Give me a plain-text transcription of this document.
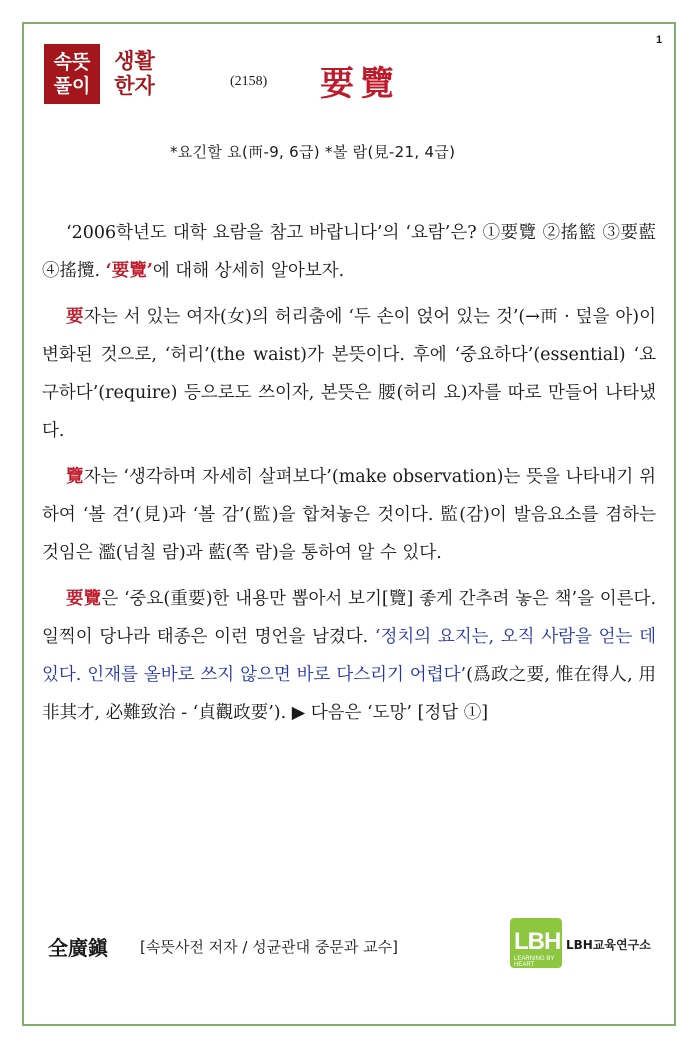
1
속뜻
풀이
생활
한자	(2158) 要覽
*요긴할 요(襾-9, 6급) *볼 람(見-21, 4급)

‘2006학년도 대학 요람을 참고 바랍니다’의 ‘요람’은? ①要覽 ②搖籃 ③要藍 ④搖攬. ‘要覽’에 대해 상세히 알아보자.

要자는 서 있는 여자(女)의 허리춤에 ‘두 손이 얹어 있는 것’(→襾 · 덮을 아)이 변화된 것으로, ‘허리’(the waist)가 본뜻이다. 후에 ‘중요하다’(essential) ‘요구하다’(require) 등으로도 쓰이자, 본뜻은 腰(허리 요)자를 따로 만들어 나타냈다.

覽자는 ‘생각하며 자세히 살펴보다’(make observation)는 뜻을 나타내기 위하여 ‘볼 견’(見)과 ‘볼 감’(監)을 합쳐놓은 것이다. 監(감)이 발음요소를 겸하는 것임은 濫(넘칠 람)과 藍(쪽 람)을 통하여 알 수 있다.

要覽은 ‘중요(重要)한 내용만 뽑아서 보기[覽] 좋게 간추려 놓은 책’을 이른다. 일찍이 당나라 태종은 이런 명언을 남겼다. ‘정치의 요지는, 오직 사람을 얻는 데 있다. 인재를 올바로 쓰지 않으면 바로 다스리기 어렵다’(爲政之要, 惟在得人, 用非其才, 必難致治 - ‘貞觀政要’). ▶ 다음은 ‘도망’ [정답 ①]

全廣鎭 [속뜻사전 저자 / 성균관대 중문과 교수]	LBH
LEARNING BY HEART
LBH교육연구소
